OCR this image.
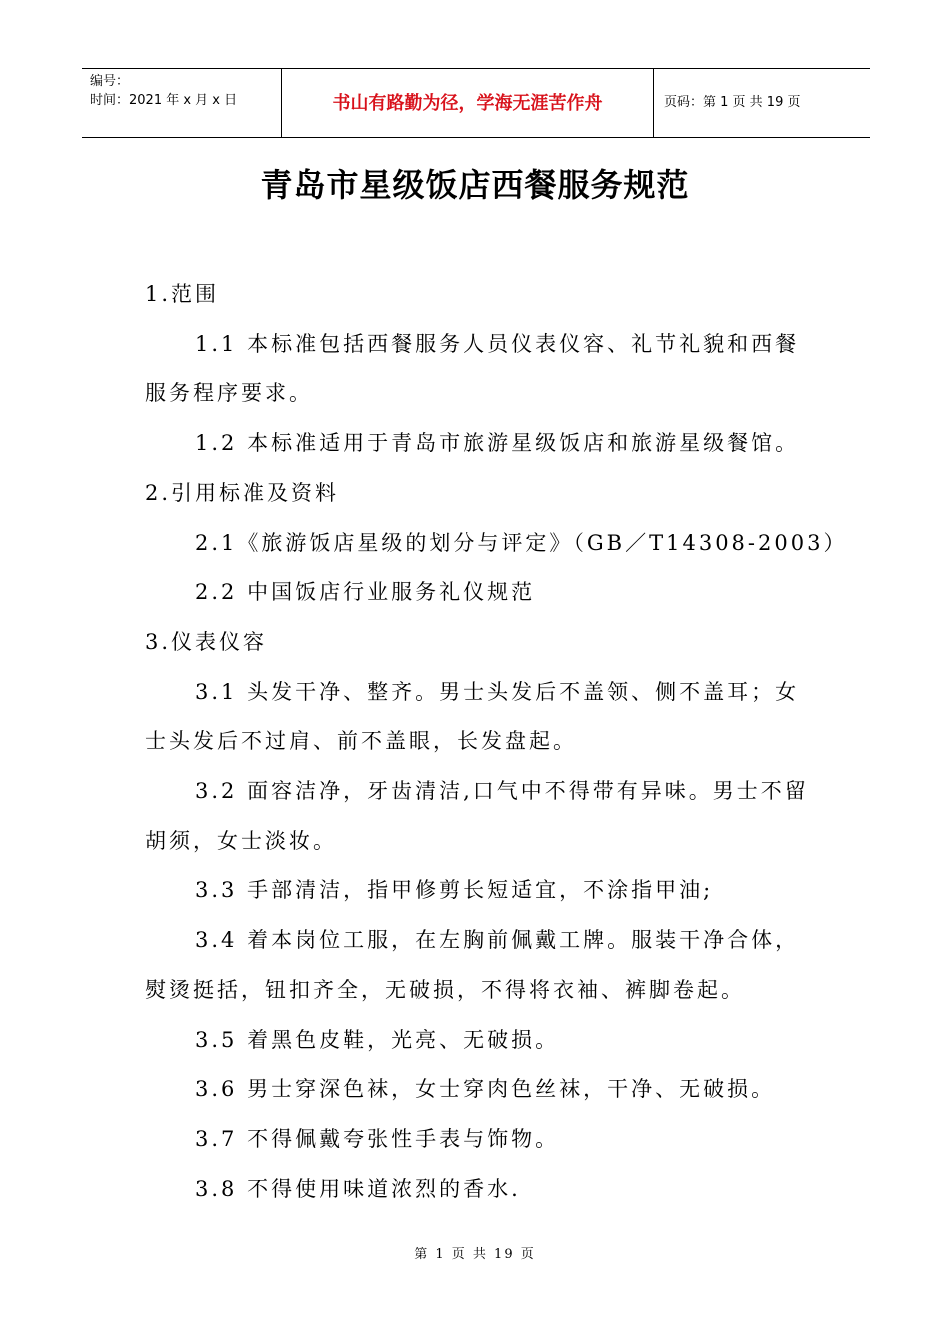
编号：
时间：2021 年 x 月 x 日	书山有路勤为径，学海无涯苦作舟	页码：第 1 页 共 19 页
青岛市星级饭店西餐服务规范

1.范围

1.1 本标准包括西餐服务人员仪表仪容、礼节礼貌和西餐服务程序要求。

1.2 本标准适用于青岛市旅游星级饭店和旅游星级餐馆。

2.引用标准及资料

2.1《旅游饭店星级的划分与评定》（GB／T14308-2003）

2.2 中国饭店行业服务礼仪规范

3.仪表仪容

3.1 头发干净、整齐。男士头发后不盖领、侧不盖耳；女士头发后不过肩、前不盖眼，长发盘起。

3.2 面容洁净，牙齿清洁,口气中不得带有异味。男士不留胡须，女士淡妆。

3.3 手部清洁，指甲修剪长短适宜，不涂指甲油;

3.4 着本岗位工服，在左胸前佩戴工牌。服装干净合体，熨烫挺括，钮扣齐全，无破损，不得将衣袖、裤脚卷起。

3.5 着黑色皮鞋，光亮、无破损。

3.6 男士穿深色袜，女士穿肉色丝袜，干净、无破损。

3.7 不得佩戴夸张性手表与饰物。

3.8 不得使用味道浓烈的香水.

第 1 页 共 19 页
